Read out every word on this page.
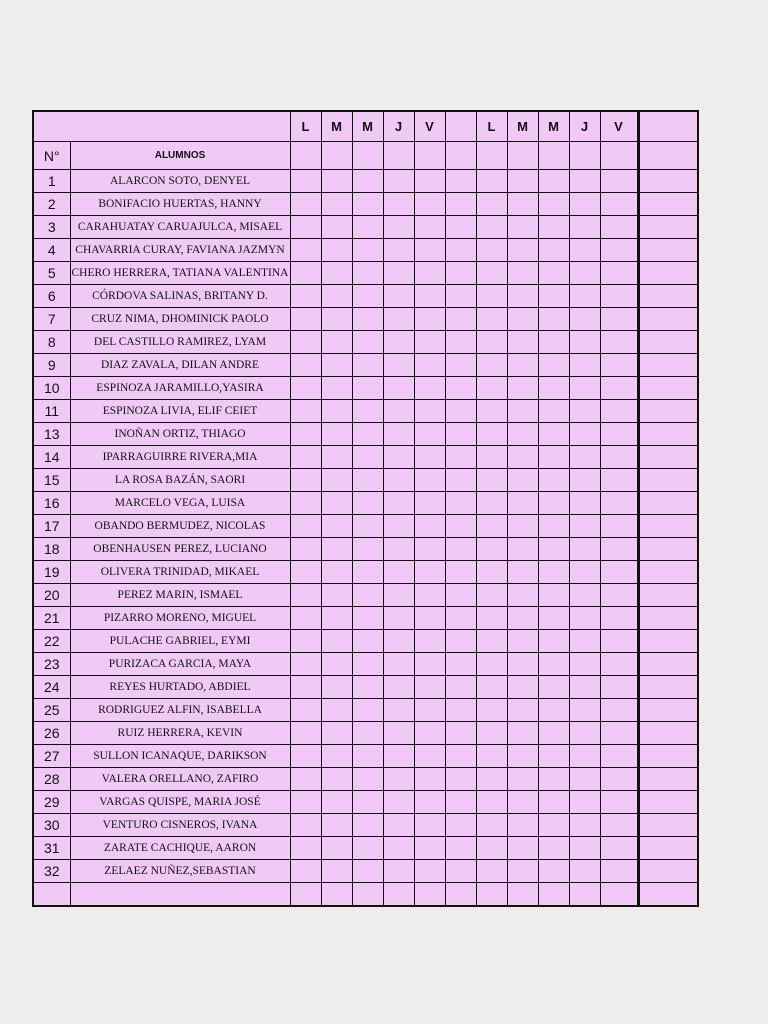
		L	M	M	J	V		L	M	M	J	V	
N°	ALUMNOS												
1	ALARCON SOTO, DENYEL												
2	BONIFACIO HUERTAS, HANNY												
3	CARAHUATAY CARUAJULCA, MISAEL												
4	CHAVARRIA CURAY, FAVIANA JAZMYN												
5	CHERO HERRERA, TATIANA VALENTINA												
6	CÓRDOVA SALINAS, BRITANY D.												
7	CRUZ NIMA, DHOMINICK PAOLO												
8	DEL CASTILLO RAMIREZ, LYAM												
9	DIAZ ZAVALA, DILAN ANDRE												
10	ESPINOZA JARAMILLO,YASIRA												
11	ESPINOZA LIVIA, ELIF CEIET												
13	INOÑAN ORTIZ, THIAGO												
14	IPARRAGUIRRE RIVERA,MIA												
15	LA ROSA BAZÁN, SAORI												
16	MARCELO VEGA, LUISA												
17	OBANDO BERMUDEZ, NICOLAS												
18	OBENHAUSEN PEREZ, LUCIANO												
19	OLIVERA TRINIDAD, MIKAEL												
20	PEREZ MARIN, ISMAEL												
21	PIZARRO MORENO, MIGUEL												
22	PULACHE GABRIEL, EYMI												
23	PURIZACA GARCIA, MAYA												
24	REYES HURTADO, ABDIEL												
25	RODRIGUEZ ALFIN, ISABELLA												
26	RUIZ HERRERA, KEVIN												
27	SULLON ICANAQUE, DARIKSON												
28	VALERA ORELLANO, ZAFIRO												
29	VARGAS QUISPE, MARIA JOSÉ												
30	VENTURO CISNEROS, IVANA												
31	ZARATE CACHIQUE, AARON												
32	ZELAEZ NUÑEZ,SEBASTIAN												
